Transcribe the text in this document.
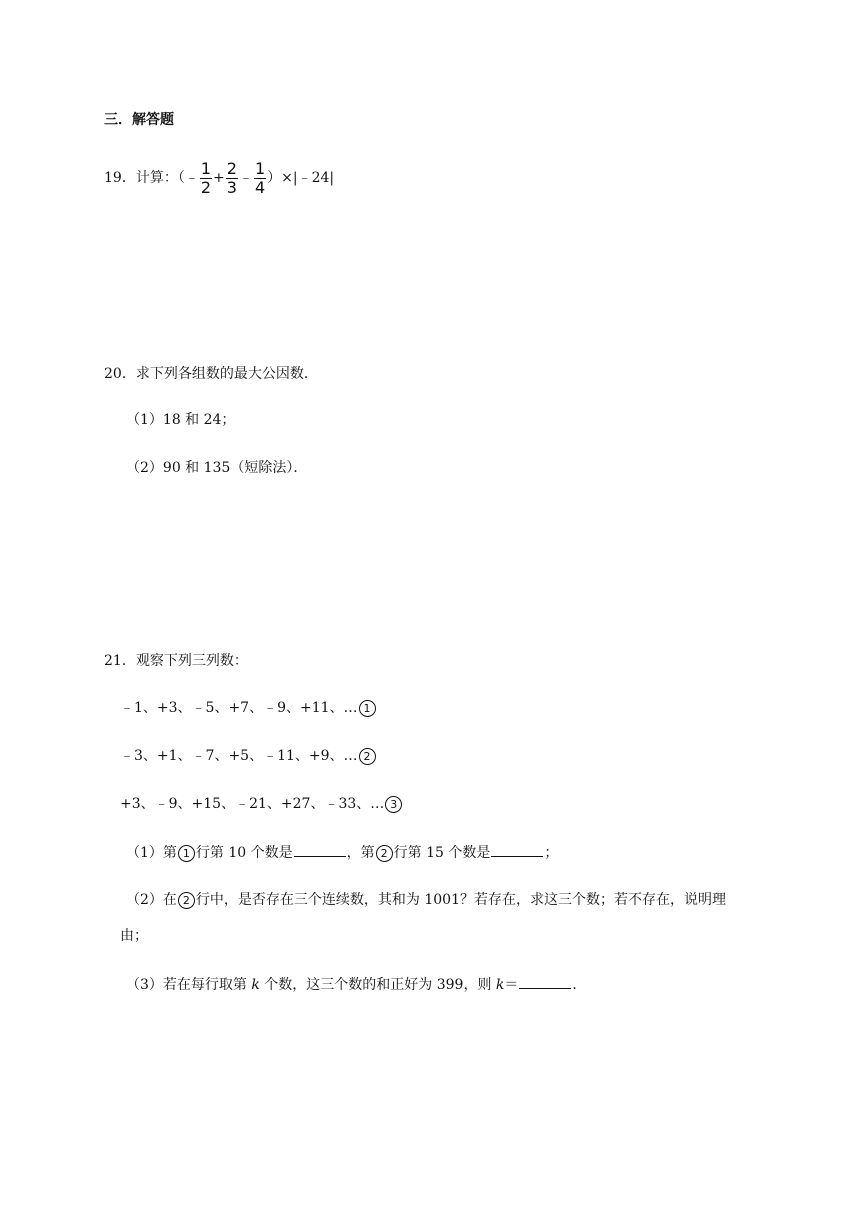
三．解答题
19．计算：（﹣ $\frac{1}{2} + \frac{2}{3}$ ﹣ $\frac{1}{4}$ ）×|﹣24|
20．求下列各组数的最大公因数．
（1）18 和 24；
（2）90 和 135（短除法）．
21．观察下列三列数：
﹣1、+3、﹣5、+7、﹣9、+11、… 1
﹣3、+1、﹣7、+5、﹣11、+9、… 2
+3、﹣9、+15、﹣21、+27、﹣33、… 3
（1）第 1 行第 10 个数是	，第 2 行第 15 个数是	；
（2）在 2 行中，是否存在三个连续数，其和为 1001？若存在，求这三个数；若不存在，说明理
由；
（3）若在每行取第 k 个数，这三个数的和正好为 399，则 k＝	．
